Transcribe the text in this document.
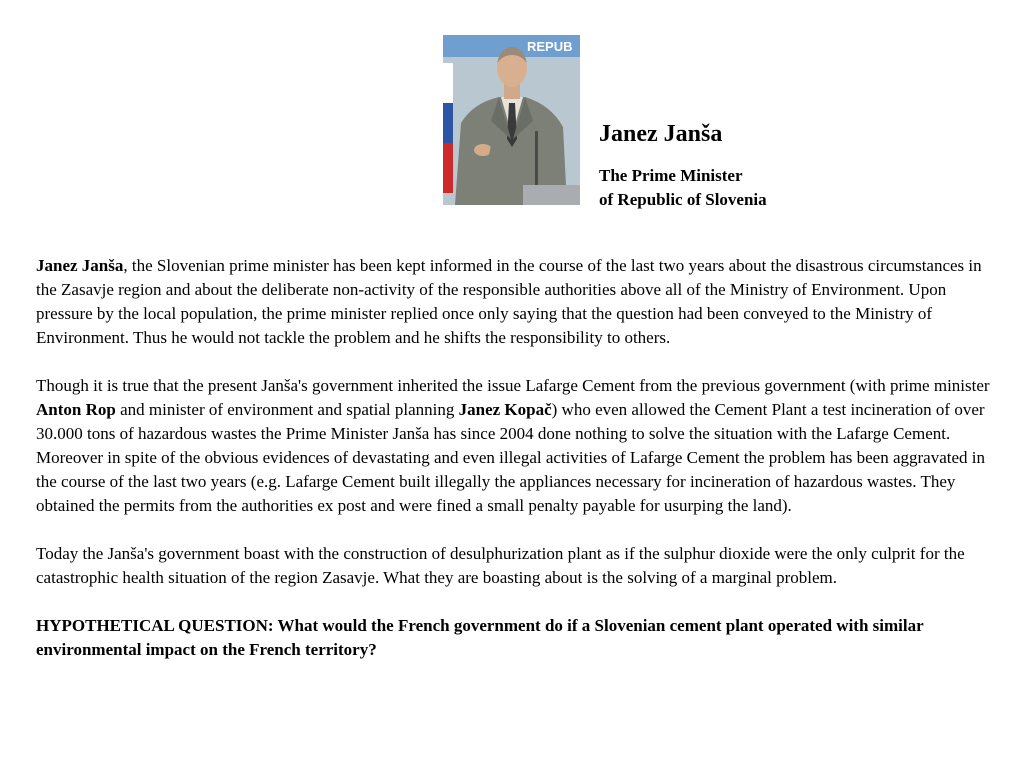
REPUB
Janez Janša
The Prime Minister
of Republic of Slovenia

Janez Janša, the Slovenian prime minister has been kept informed in the course of the last two years about the disastrous circumstances in the Zasavje region and about the deliberate non-activity of the responsible authorities above all of the Ministry of Environment. Upon pressure by the local population, the prime minister replied once only saying that the question had been conveyed to the Ministry of Environment. Thus he would not tackle the problem and he shifts the responsibility to others.

Though it is true that the present Janša's government inherited the issue Lafarge Cement from the previous government (with prime minister Anton Rop and minister of environment and spatial planning Janez Kopač) who even allowed the Cement Plant a test incineration of over 30.000 tons of hazardous wastes the Prime Minister Janša has since 2004 done nothing to solve the situation with the Lafarge Cement. Moreover in spite of the obvious evidences of devastating and even illegal activities of Lafarge Cement the problem has been aggravated in the course of the last two years (e.g. Lafarge Cement built illegally the appliances necessary for incineration of hazardous wastes. They obtained the permits from the authorities ex post and were fined a small penalty payable for usurping the land).

Today the Janša's government boast with the construction of desulphurization plant as if the sulphur dioxide were the only culprit for the catastrophic health situation of the region Zasavje. What they are boasting about is the solving of a marginal problem.

HYPOTHETICAL QUESTION: What would the French government do if a Slovenian cement plant operated with similar environmental impact on the French territory?
